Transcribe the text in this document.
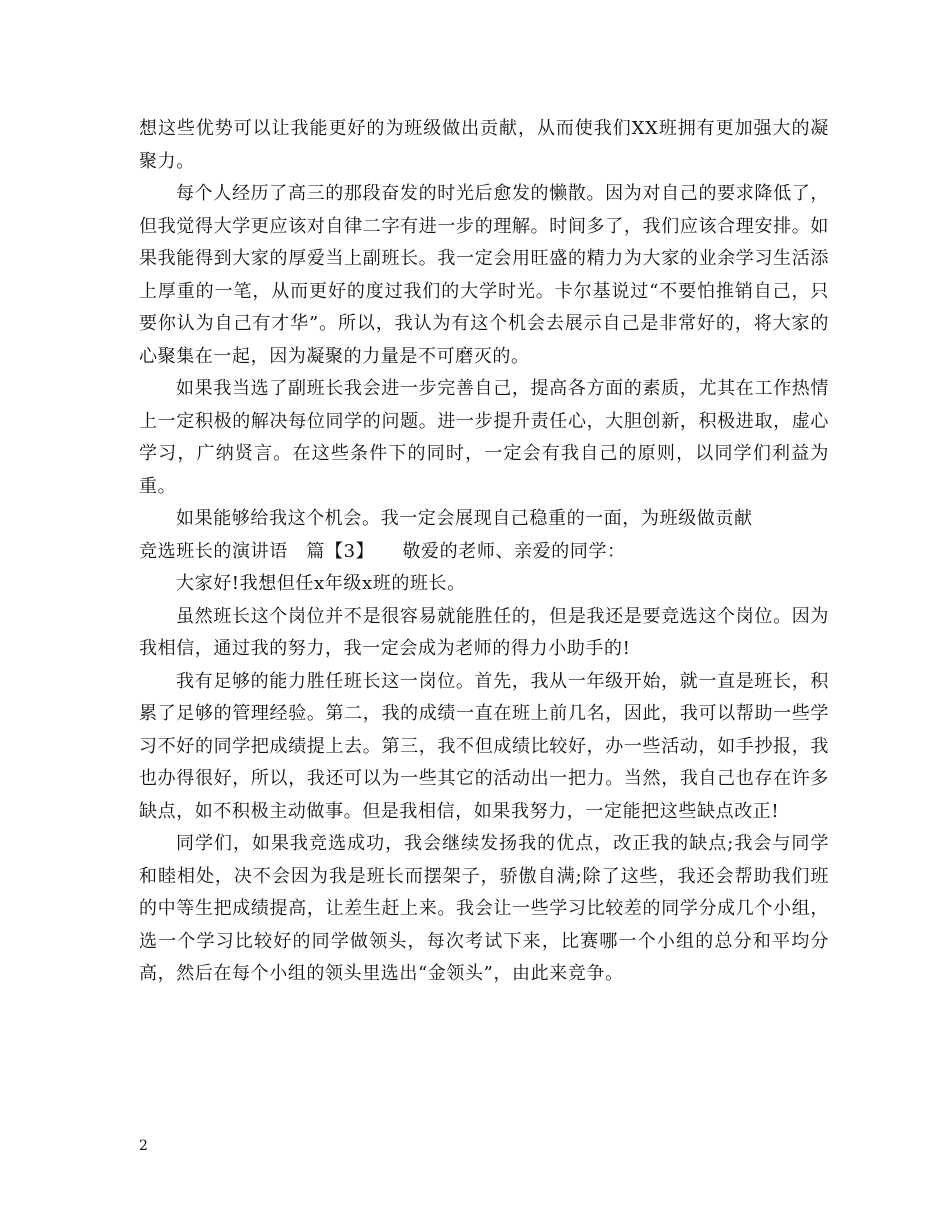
想这些优势可以让我能更好的为班级做出贡献，从而使我们XX班拥有更加强大的凝聚力。

每个人经历了高三的那段奋发的时光后愈发的懒散。因为对自己的要求降低了，但我觉得大学更应该对自律二字有进一步的理解。时间多了，我们应该合理安排。如果我能得到大家的厚爱当上副班长。我一定会用旺盛的精力为大家的业余学习生活添上厚重的一笔，从而更好的度过我们的大学时光。卡尔基说过“不要怕推销自己，只要你认为自己有才华”。所以，我认为有这个机会去展示自己是非常好的，将大家的心聚集在一起，因为凝聚的力量是不可磨灭的。

如果我当选了副班长我会进一步完善自己，提高各方面的素质，尤其在工作热情上一定积极的解决每位同学的问题。进一步提升责任心，大胆创新，积极进取，虚心学习，广纳贤言。在这些条件下的同时，一定会有我自己的原则，以同学们利益为重。

如果能够给我这个机会。我一定会展现自己稳重的一面，为班级做贡献

竞选班长的演讲语　篇【3】　　敬爱的老师、亲爱的同学：

大家好!我想但任x年级x班的班长。

虽然班长这个岗位并不是很容易就能胜任的，但是我还是要竞选这个岗位。因为我相信，通过我的努力，我一定会成为老师的得力小助手的!

我有足够的能力胜任班长这一岗位。首先，我从一年级开始，就一直是班长，积累了足够的管理经验。第二，我的成绩一直在班上前几名，因此，我可以帮助一些学习不好的同学把成绩提上去。第三，我不但成绩比较好，办一些活动，如手抄报，我也办得很好，所以，我还可以为一些其它的活动出一把力。当然，我自己也存在许多缺点，如不积极主动做事。但是我相信，如果我努力，一定能把这些缺点改正!

同学们，如果我竞选成功，我会继续发扬我的优点，改正我的缺点;我会与同学和睦相处，决不会因为我是班长而摆架子，骄傲自满;除了这些，我还会帮助我们班的中等生把成绩提高，让差生赶上来。我会让一些学习比较差的同学分成几个小组，选一个学习比较好的同学做领头，每次考试下来，比赛哪一个小组的总分和平均分高，然后在每个小组的领头里选出“金领头”，由此来竞争。

2
